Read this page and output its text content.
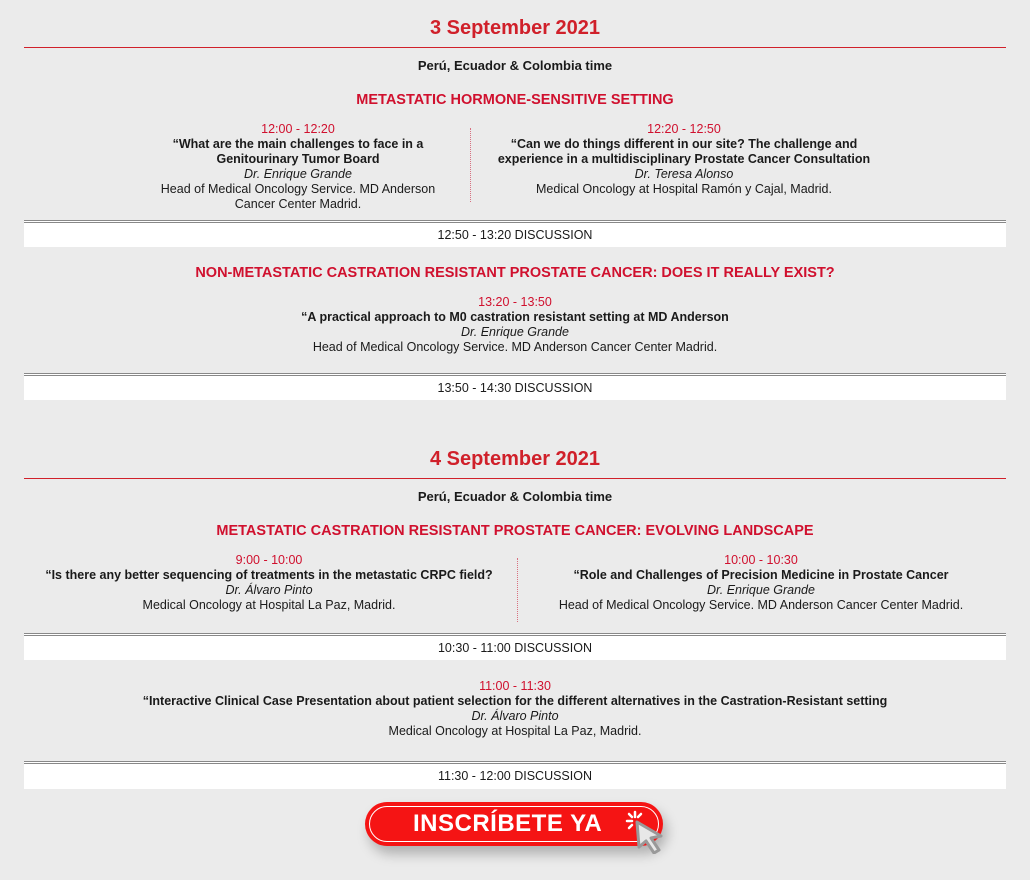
3 September 2021
Perú, Ecuador & Colombia time
METASTATIC HORMONE-SENSITIVE SETTING
12:00 - 12:20
“What are the main challenges to face in a
Genitourinary Tumor Board
Dr. Enrique Grande
Head of Medical Oncology Service. MD Anderson
Cancer Center Madrid.
12:20 - 12:50
“Can we do things different in our site? The challenge and
experience in a multidisciplinary Prostate Cancer Consultation
Dr. Teresa Alonso
Medical Oncology at Hospital Ramón y Cajal, Madrid.
12:50 - 13:20 DISCUSSION
NON-METASTATIC CASTRATION RESISTANT PROSTATE CANCER: DOES IT REALLY EXIST?
13:20 - 13:50
“A practical approach to M0 castration resistant setting at MD Anderson
Dr. Enrique Grande
Head of Medical Oncology Service. MD Anderson Cancer Center Madrid.
13:50 - 14:30 DISCUSSION
4 September 2021
Perú, Ecuador & Colombia time
METASTATIC CASTRATION RESISTANT PROSTATE CANCER: EVOLVING LANDSCAPE
9:00 - 10:00
“Is there any better sequencing of treatments in the metastatic CRPC field?
Dr. Álvaro Pinto
Medical Oncology at Hospital La Paz, Madrid.
10:00 - 10:30
“Role and Challenges of Precision Medicine in Prostate Cancer
Dr. Enrique Grande
Head of Medical Oncology Service. MD Anderson Cancer Center Madrid.
10:30 - 11:00 DISCUSSION
11:00 - 11:30
“Interactive Clinical Case Presentation about patient selection for the different alternatives in the Castration-Resistant setting
Dr. Álvaro Pinto
Medical Oncology at Hospital La Paz, Madrid.
11:30 - 12:00 DISCUSSION
INSCRÍBETE YA
